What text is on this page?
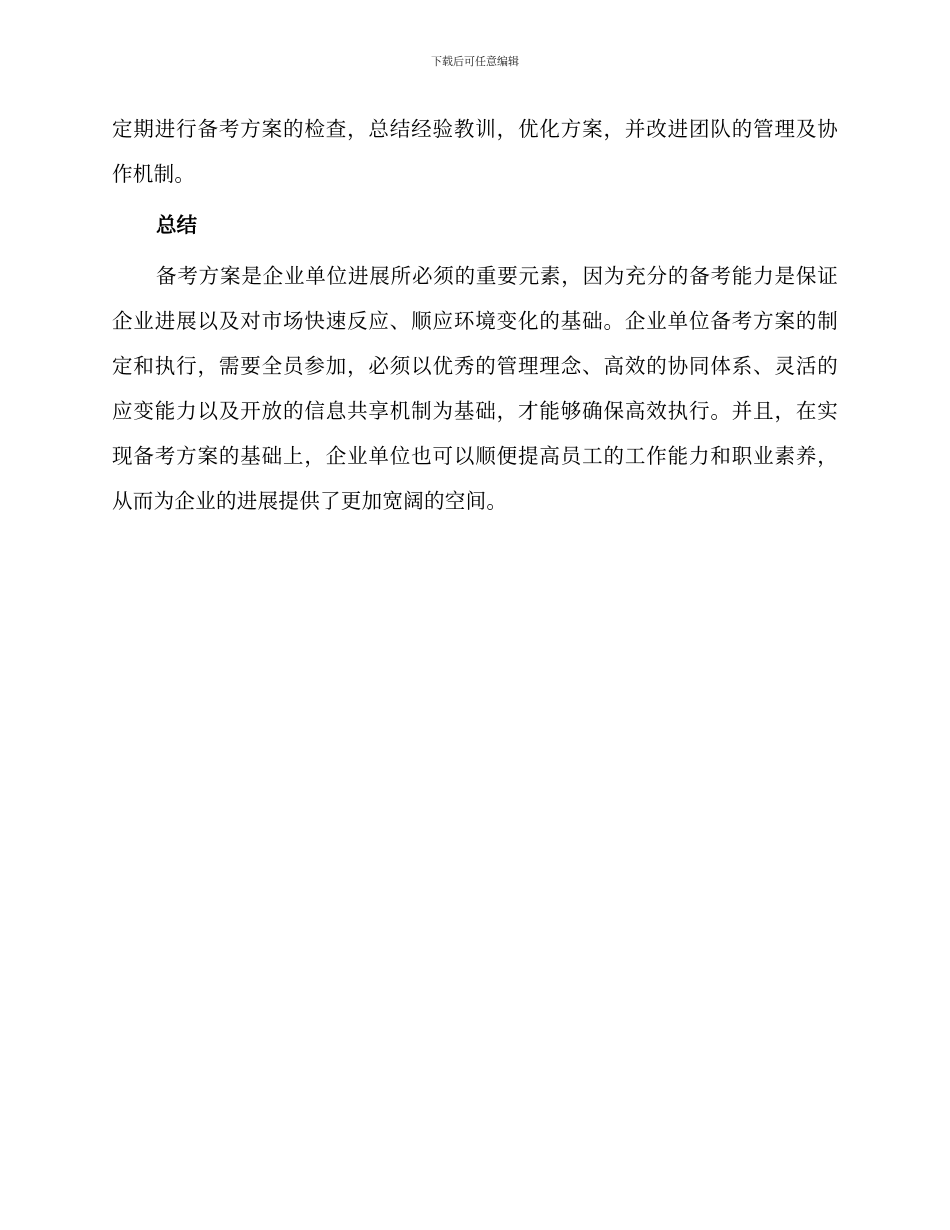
下载后可任意编辑

定期进行备考方案的检查，总结经验教训，优化方案，并改进团队的管理及协作机制。

总结

备考方案是企业单位进展所必须的重要元素，因为充分的备考能力是保证企业进展以及对市场快速反应、顺应环境变化的基础。企业单位备考方案的制定和执行，需要全员参加，必须以优秀的管理理念、高效的协同体系、灵活的应变能力以及开放的信息共享机制为基础，才能够确保高效执行。并且，在实现备考方案的基础上，企业单位也可以顺便提高员工的工作能力和职业素养，从而为企业的进展提供了更加宽阔的空间。
